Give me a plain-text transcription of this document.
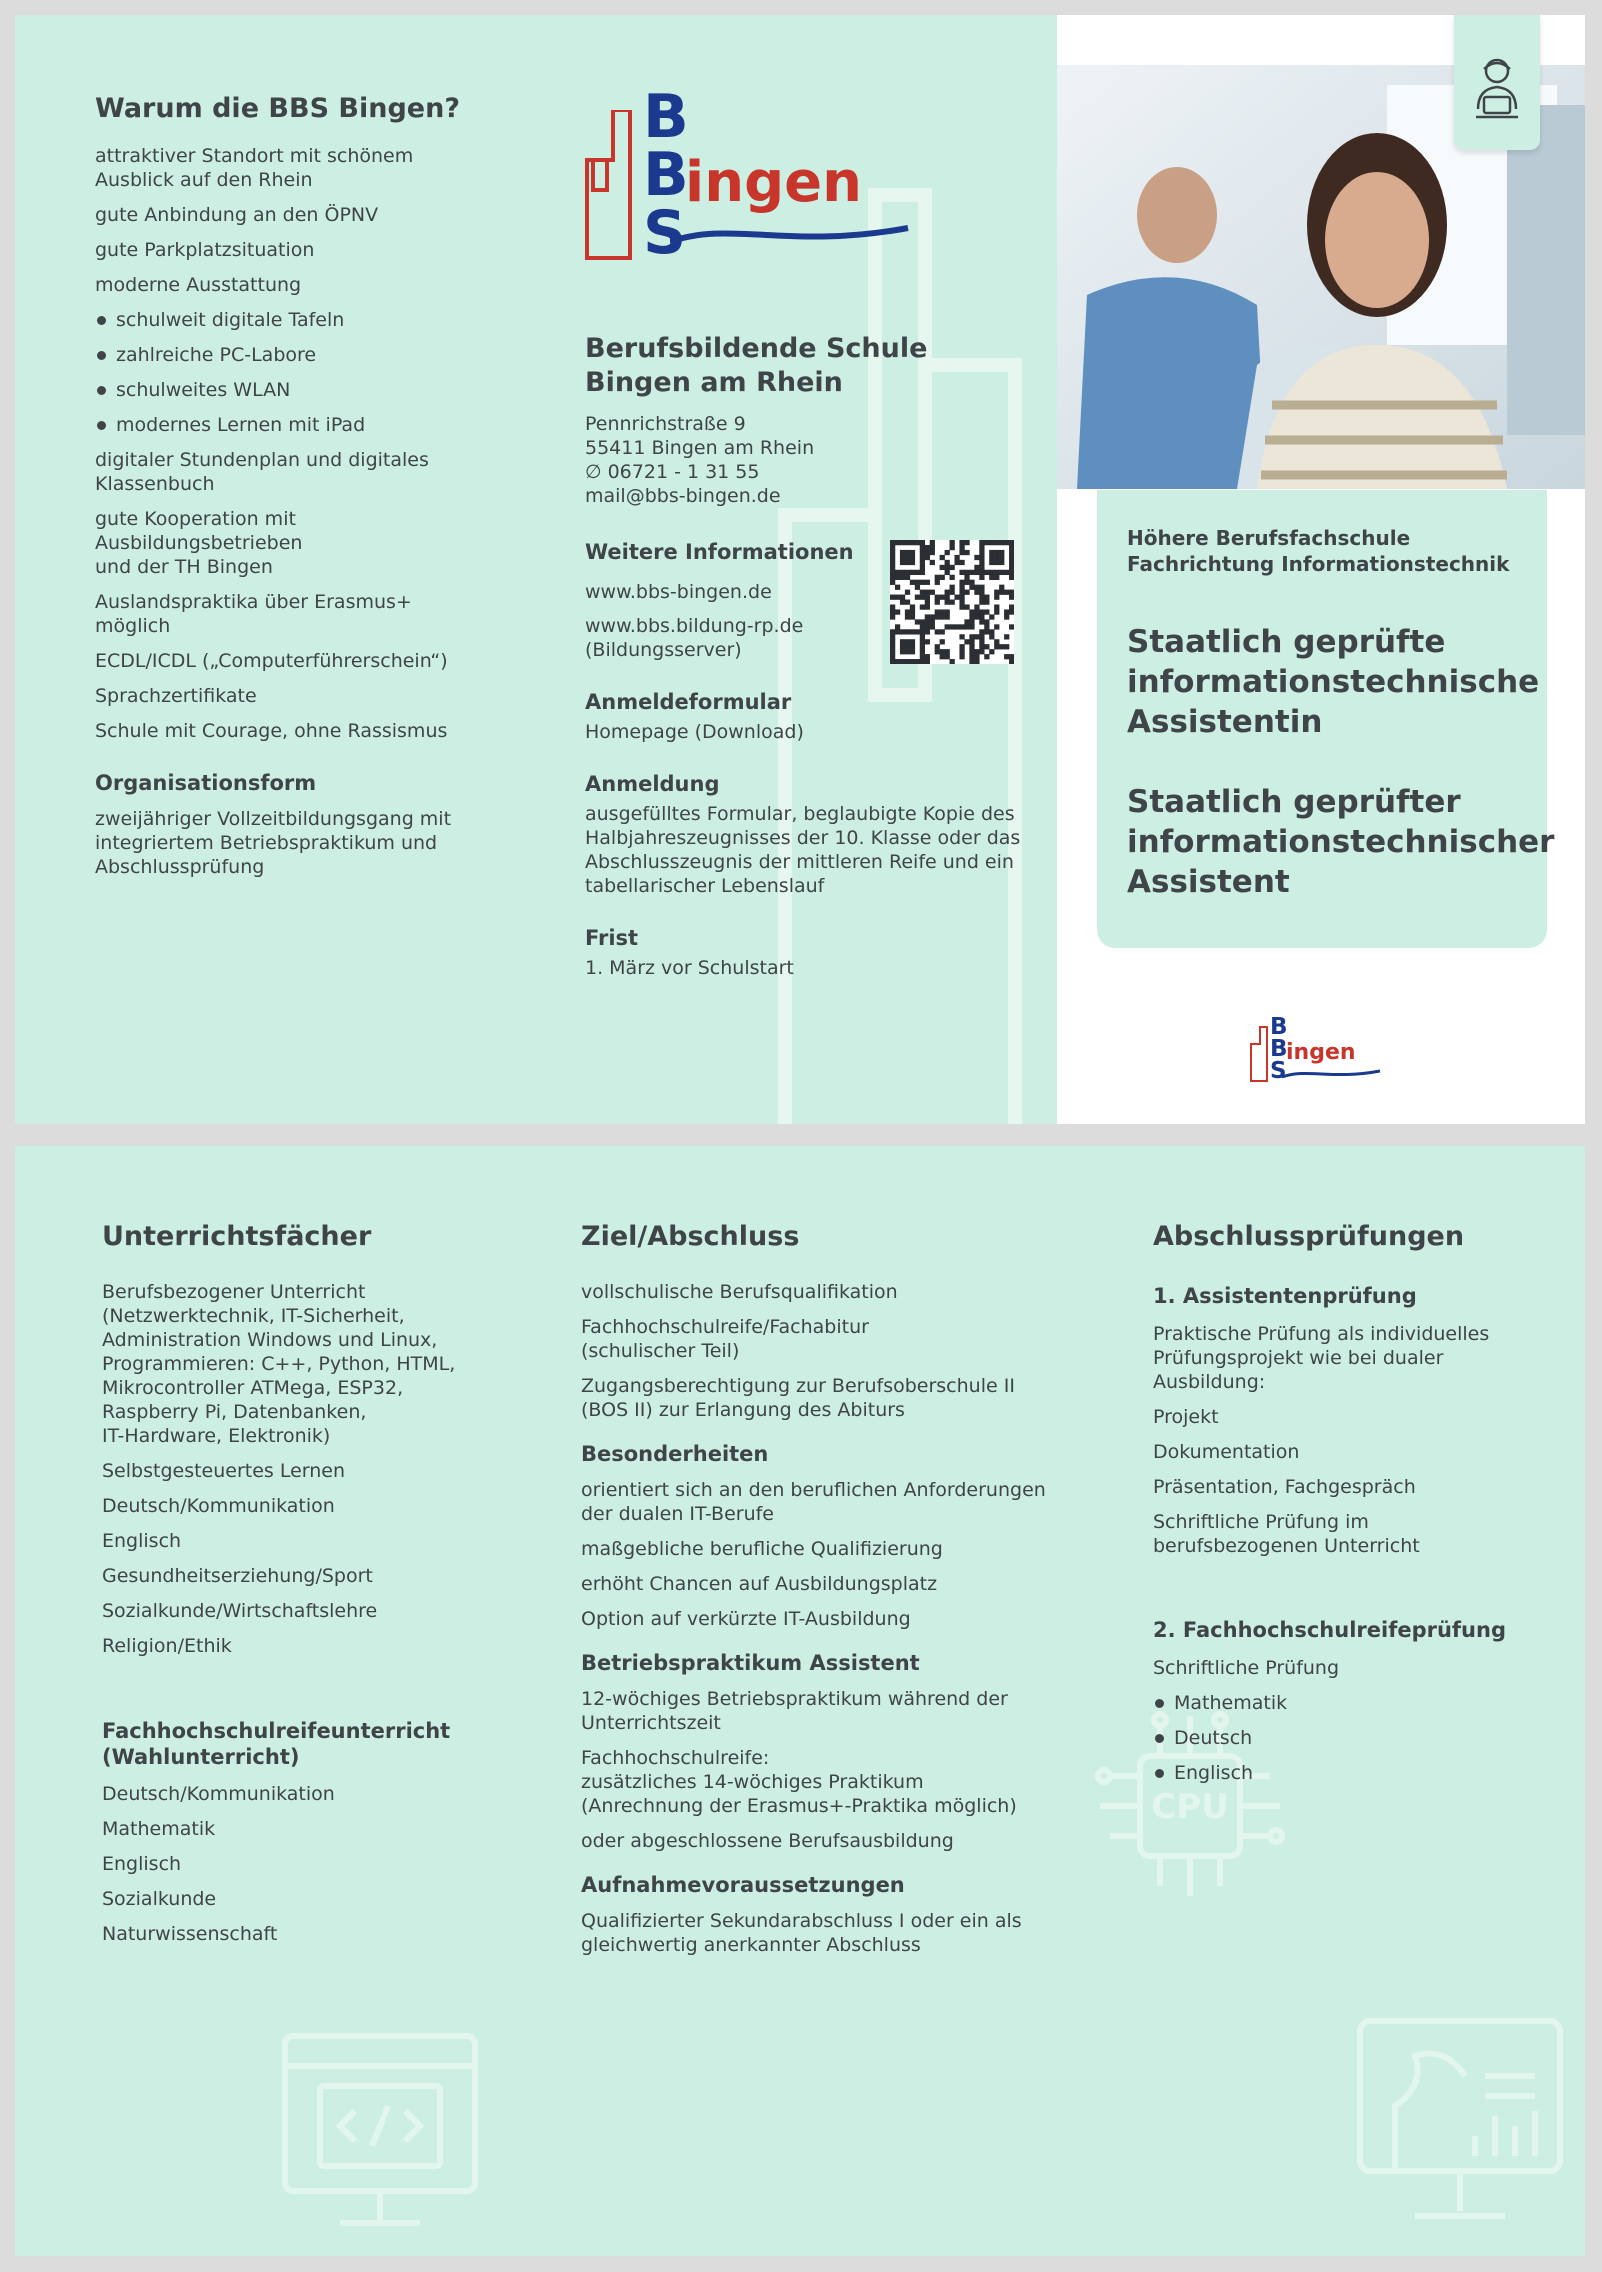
Warum die BBS Bingen?
attraktiver Standort mit schönem
Ausblick auf den Rhein
gute Anbindung an den ÖPNV
gute Parkplatzsituation
moderne Ausstattung
schulweit digitale Tafeln
zahlreiche PC-Labore
schulweites WLAN
modernes Lernen mit iPad
digitaler Stundenplan und digitales
Klassenbuch
gute Kooperation mit
Ausbildungsbetrieben
und der TH Bingen
Auslandspraktika über Erasmus+
möglich
ECDL/ICDL („Computerführerschein“)
Sprachzertifikate
Schule mit Courage, ohne Rassismus
Organisationsform
zweijähriger Vollzeitbildungsgang mit
integriertem Betriebspraktikum und
Abschlussprüfung
B
B
S
ingen
Berufsbildende Schule
Bingen am Rhein
Pennrichstraße 9
55411 Bingen am Rhein
∅ 06721 - 1 31 55
mail@bbs-bingen.de
Weitere Informationen
www.bbs-bingen.de
www.bbs.bildung-rp.de
(Bildungsserver)
Anmeldeformular
Homepage (Download)
Anmeldung
ausgefülltes Formular, beglaubigte Kopie des
Halbjahreszeugnisses der 10. Klasse oder das
Abschlusszeugnis der mittleren Reife und ein
tabellarischer Lebenslauf
Frist
1. März vor Schulstart
Höhere Berufsfachschule
Fachrichtung Informationstechnik
Staatlich geprüfte
informationstechnische
Assistentin
Staatlich geprüfter
informationstechnischer
Assistent
B
B
S
ingen
CPU
Unterrichtsfächer
Berufsbezogener Unterricht
(Netzwerktechnik, IT-Sicherheit,
Administration Windows und Linux,
Programmieren: C++, Python, HTML,
Mikrocontroller ATMega, ESP32,
Raspberry Pi, Datenbanken,
IT-Hardware, Elektronik)
Selbstgesteuertes Lernen
Deutsch/Kommunikation
Englisch
Gesundheitserziehung/Sport
Sozialkunde/Wirtschaftslehre
Religion/Ethik
Fachhochschulreifeunterricht
(Wahlunterricht)
Deutsch/Kommunikation
Mathematik
Englisch
Sozialkunde
Naturwissenschaft
Ziel/Abschluss
vollschulische Berufsqualifikation
Fachhochschulreife/Fachabitur
(schulischer Teil)
Zugangsberechtigung zur Berufsoberschule II
(BOS II) zur Erlangung des Abiturs
Besonderheiten
orientiert sich an den beruflichen Anforderungen
der dualen IT-Berufe
maßgebliche berufliche Qualifizierung
erhöht Chancen auf Ausbildungsplatz
Option auf verkürzte IT-Ausbildung
Betriebspraktikum Assistent
12-wöchiges Betriebspraktikum während der
Unterrichtszeit
Fachhochschulreife:
zusätzliches 14-wöchiges Praktikum
(Anrechnung der Erasmus+-Praktika möglich)
oder abgeschlossene Berufsausbildung
Aufnahmevoraussetzungen
Qualifizierter Sekundarabschluss I oder ein als
gleichwertig anerkannter Abschluss
Abschlussprüfungen
1. Assistentenprüfung
Praktische Prüfung als individuelles
Prüfungsprojekt wie bei dualer
Ausbildung:
Projekt
Dokumentation
Präsentation, Fachgespräch
Schriftliche Prüfung im
berufsbezogenen Unterricht
2. Fachhochschulreifeprüfung
Schriftliche Prüfung
Mathematik
Deutsch
Englisch
